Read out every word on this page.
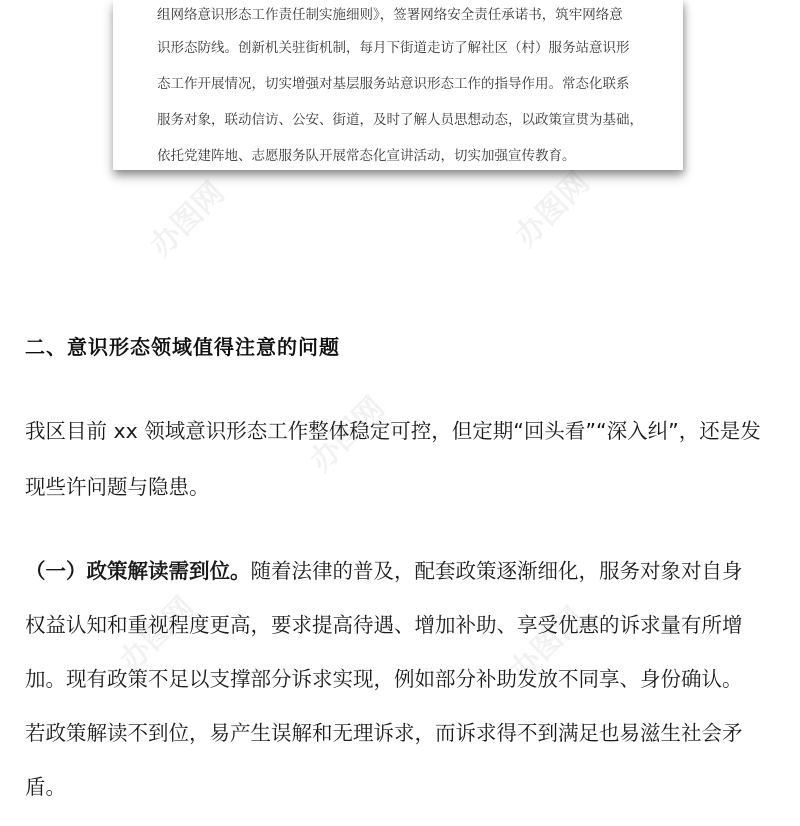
办图网	办图网
办图网
办图网	办图网
组网络意识形态工作责任制实施细则》，签署网络安全责任承诺书，筑牢网络意
识形态防线。创新机关驻街机制，每月下街道走访了解社区（村）服务站意识形
态工作开展情况，切实增强对基层服务站意识形态工作的指导作用。常态化联系
服务对象，联动信访、公安、街道，及时了解人员思想动态，以政策宣贯为基础，
依托党建阵地、志愿服务队开展常态化宣讲活动，切实加强宣传教育。
二、意识形态领域值得注意的问题
我区目前 xx 领域意识形态工作整体稳定可控，但定期“回头看”“深入纠”，还是发
现些许问题与隐患。
（一）政策解读需到位。随着法律的普及，配套政策逐渐细化，服务对象对自身
权益认知和重视程度更高，要求提高待遇、增加补助、享受优惠的诉求量有所增
加。现有政策不足以支撑部分诉求实现，例如部分补助发放不同享、身份确认。
若政策解读不到位，易产生误解和无理诉求，而诉求得不到满足也易滋生社会矛
盾。
